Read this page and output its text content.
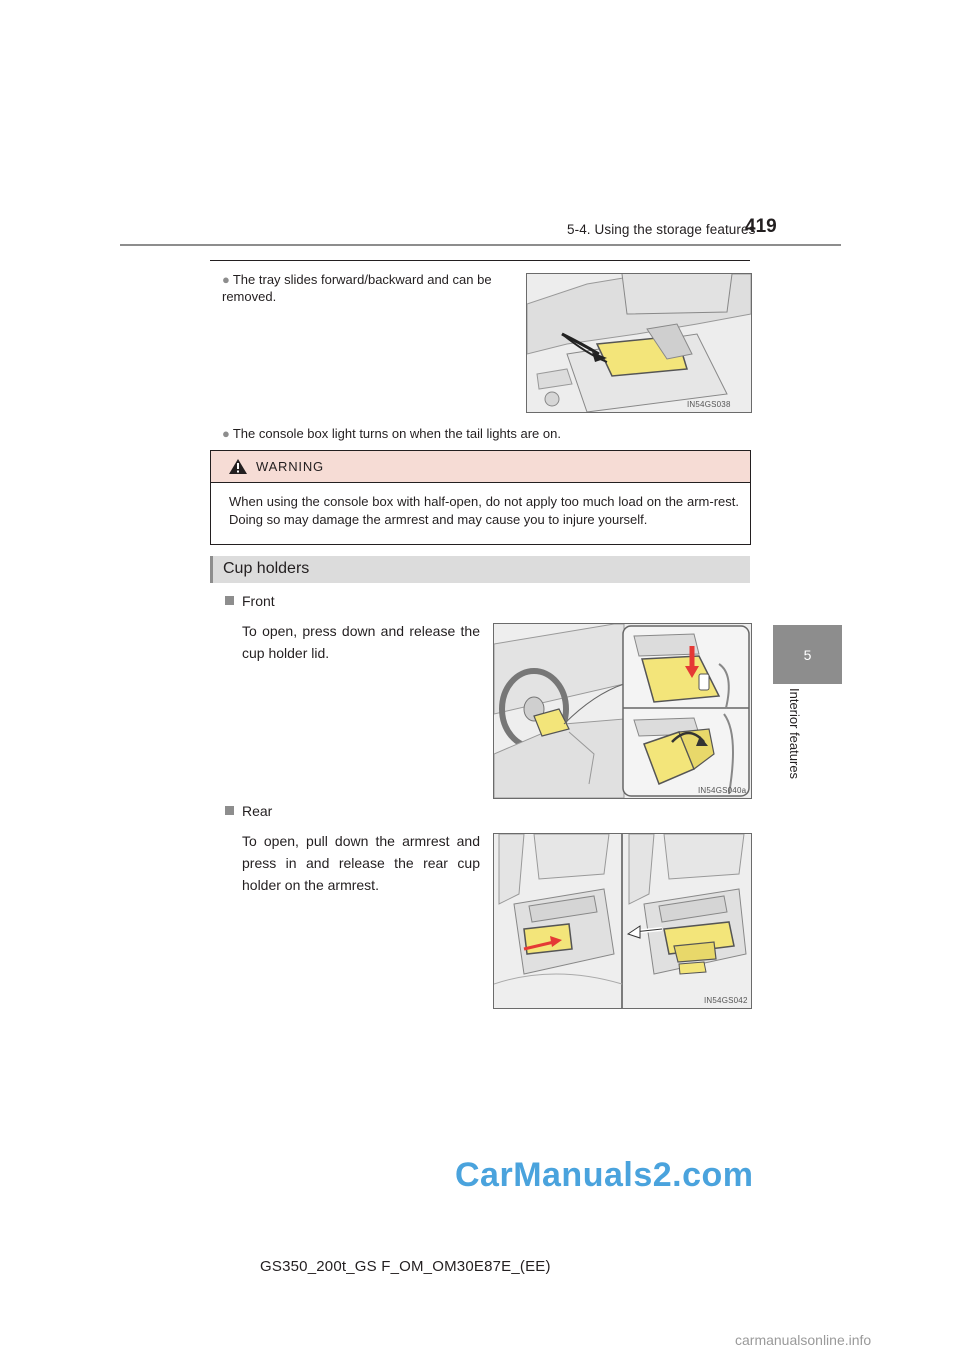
5-4. Using the storage features
419
5
Interior features
● The tray slides forward/backward and can be removed.
IN54GS038
● The console box light turns on when the tail lights are on.
WARNING
When using the console box with half-open, do not apply too much load on the arm-rest. Doing so may damage the armrest and may cause you to injure yourself.
Cup holders
Front
To open, press down and release the cup holder lid.
IN54GS040a
Rear
To open, pull down the armrest and press in and release the rear cup holder on the armrest.
IN54GS042
CarManuals2.com
GS350_200t_GS F_OM_OM30E87E_(EE)
carmanualsonline.info
